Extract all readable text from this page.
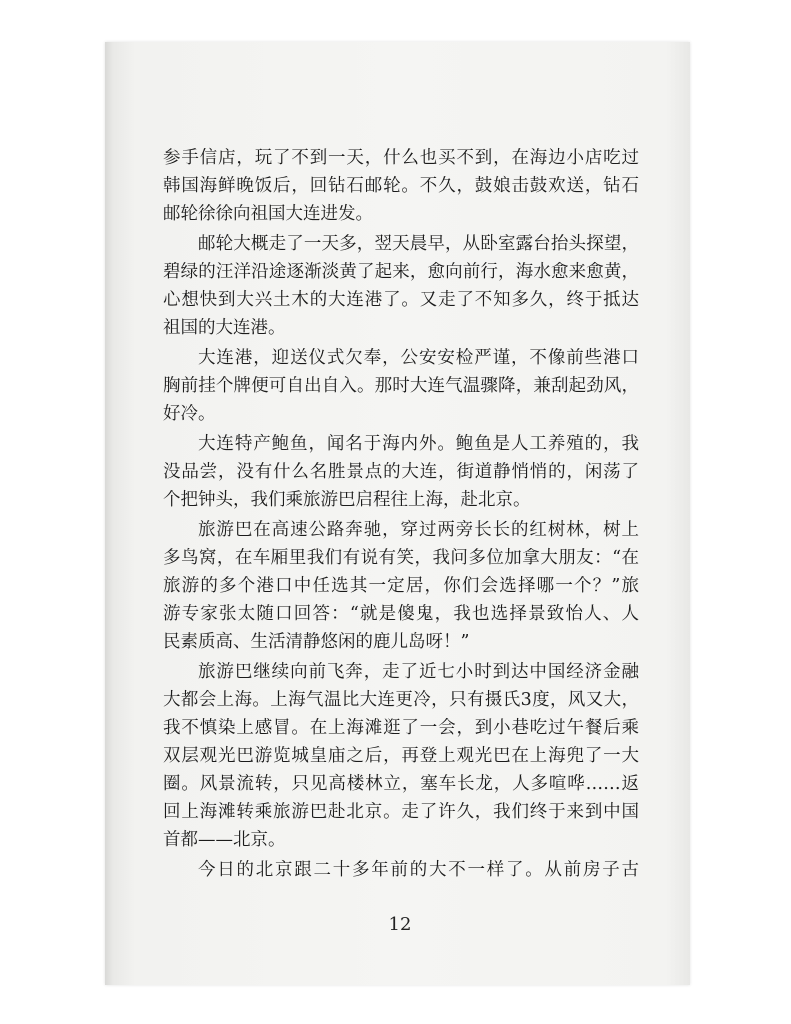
参手信店，玩了不到一天，什么也买不到，在海边小店吃过
韩国海鲜晚饭后，回钻石邮轮。不久，鼓娘击鼓欢送，钻石
邮轮徐徐向祖国大连进发。

邮轮大概走了一天多，翌天晨早，从卧室露台抬头探望，
碧绿的汪洋沿途逐渐淡黄了起来，愈向前行，海水愈来愈黄，
心想快到大兴土木的大连港了。又走了不知多久，终于抵达
祖国的大连港。

大连港，迎送仪式欠奉，公安安检严谨，不像前些港口
胸前挂个牌便可自出自入。那时大连气温骤降，兼刮起劲风，
好冷。

大连特产鲍鱼，闻名于海内外。鲍鱼是人工养殖的，我
没品尝，没有什么名胜景点的大连，街道静悄悄的，闲荡了
个把钟头，我们乘旅游巴启程往上海，赴北京。

旅游巴在高速公路奔驰，穿过两旁长长的红树林，树上
多鸟窝，在车厢里我们有说有笑，我问多位加拿大朋友：“在
旅游的多个港口中任选其一定居，你们会选择哪一个？”旅
游专家张太随口回答：“就是傻鬼，我也选择景致怡人、人
民素质高、生活清静悠闲的鹿儿岛呀！”

旅游巴继续向前飞奔，走了近七小时到达中国经济金融
大都会上海。上海气温比大连更冷，只有摄氏3度，风又大，
我不慎染上感冒。在上海滩逛了一会，到小巷吃过午餐后乘
双层观光巴游览城皇庙之后，再登上观光巴在上海兜了一大
圈。风景流转，只见高楼林立，塞车长龙，人多喧哗……返
回上海滩转乘旅游巴赴北京。走了许久，我们终于来到中国
首都——北京。

今日的北京跟二十多年前的大不一样了。从前房子古

12
